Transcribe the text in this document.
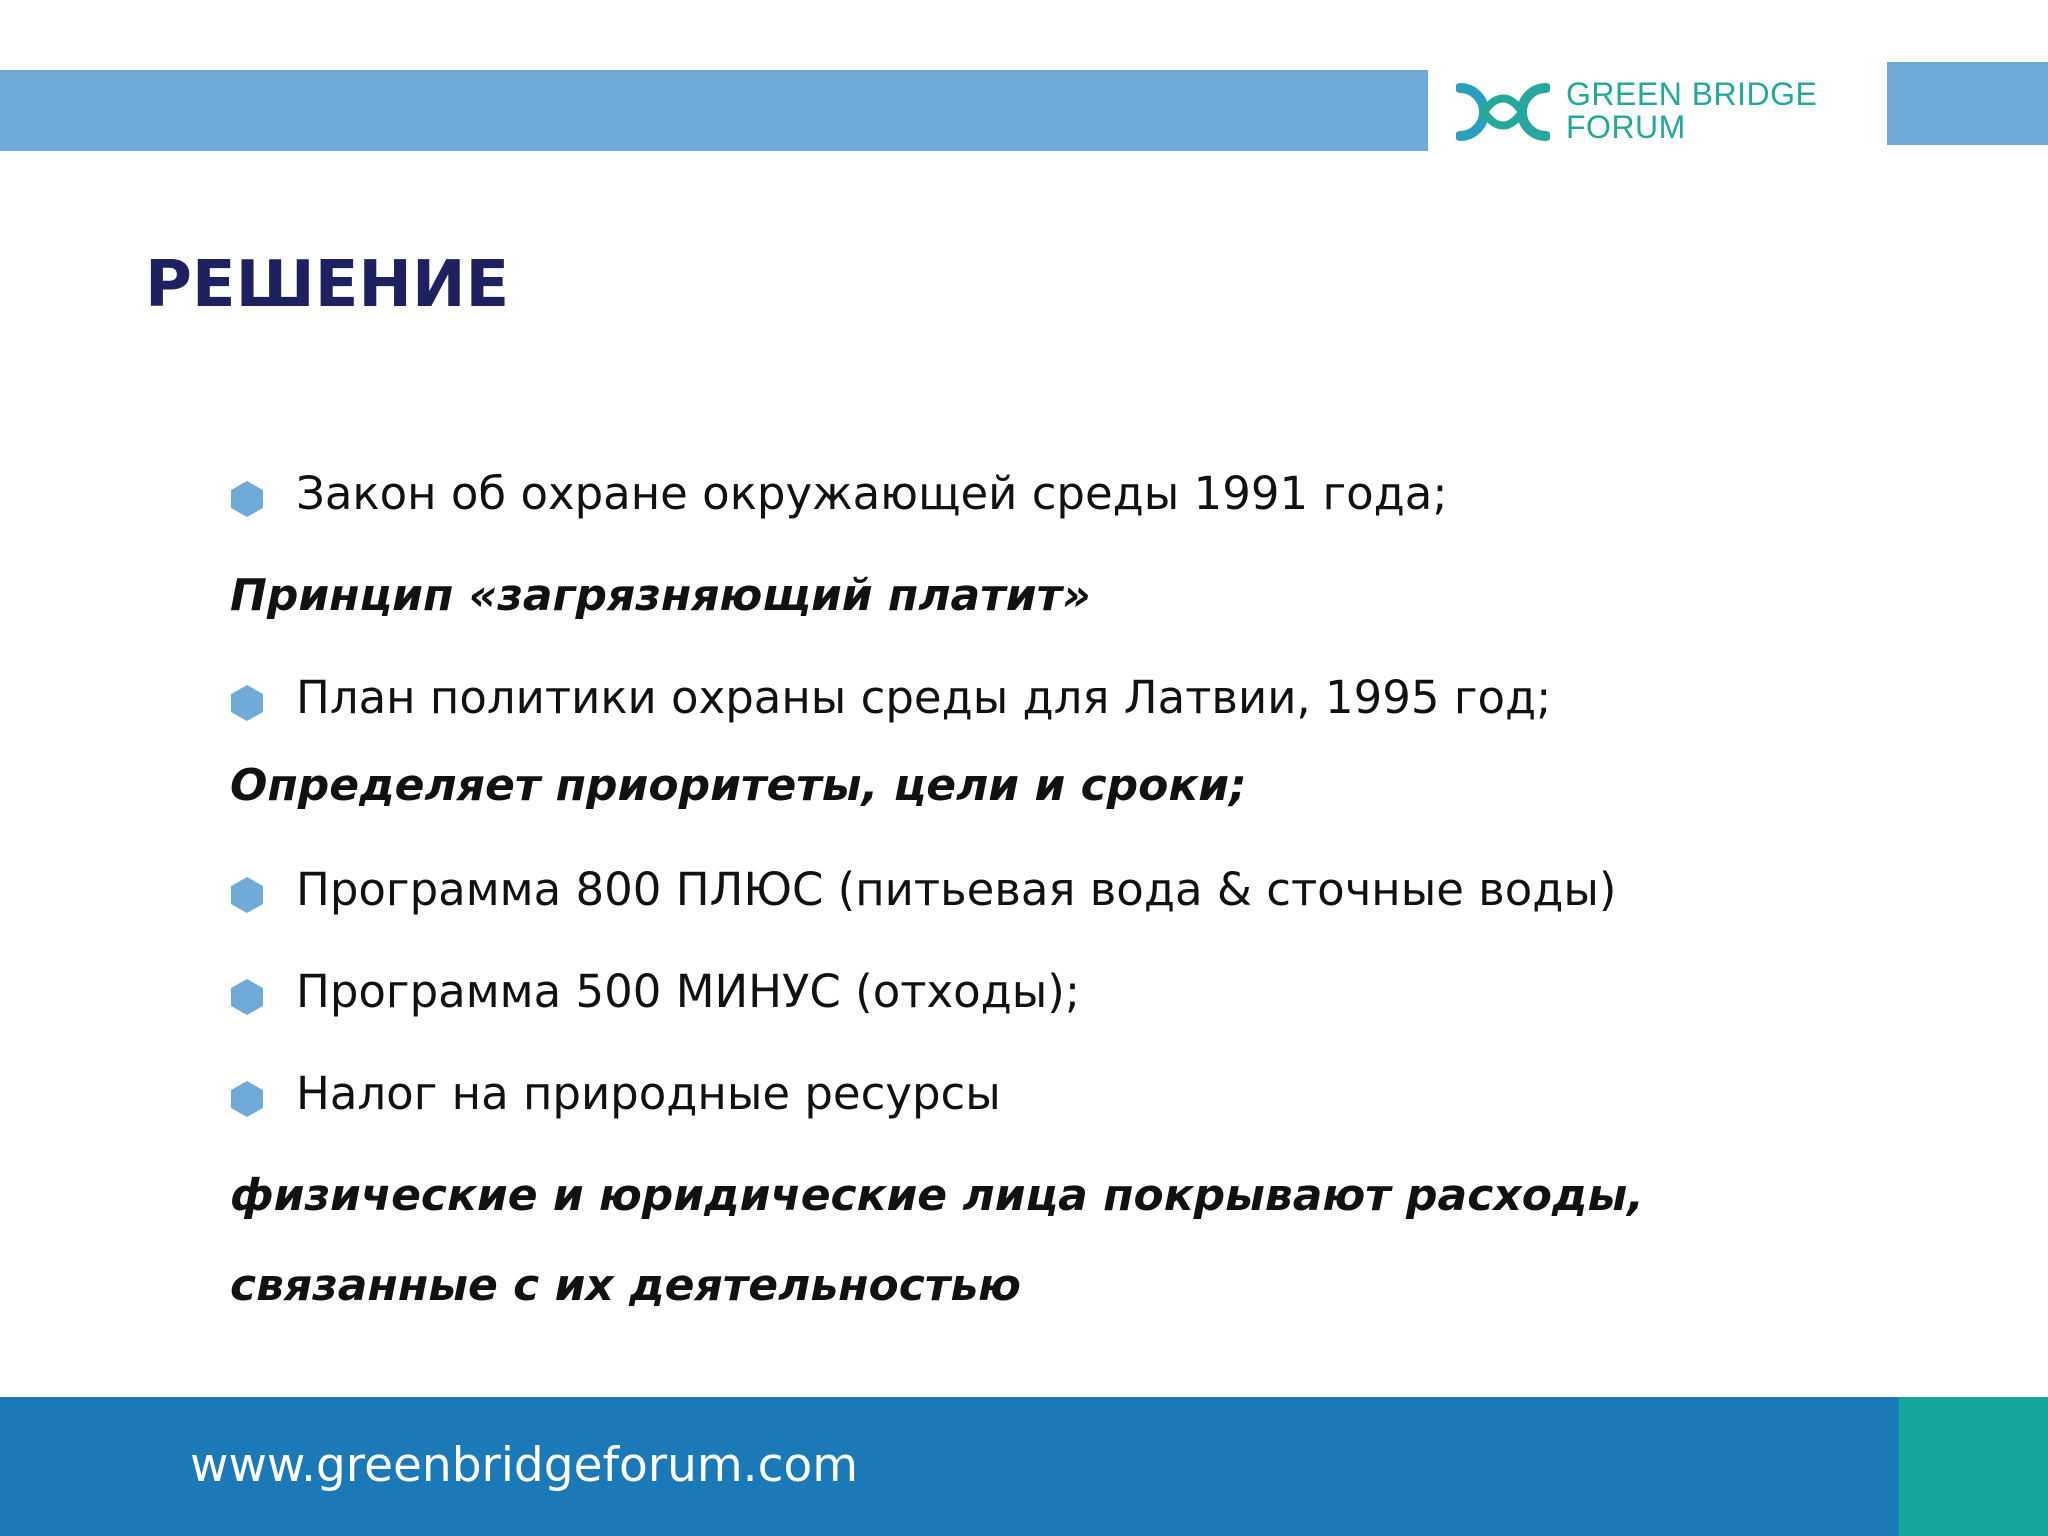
GREEN BRIDGE
FORUM
РЕШЕНИЕ
Закон об охране окружающей среды 1991 года;
Принцип «загрязняющий платит»
План политики охраны среды для Латвии, 1995 год;
Определяет приоритеты, цели и сроки;
Программа 800 ПЛЮС (питьевая вода & сточные воды)
Программа 500 МИНУС (отходы);
Налог на природные ресурсы
физические и юридические лица покрывают расходы,
связанные с их деятельностью
www.greenbridgeforum.com
